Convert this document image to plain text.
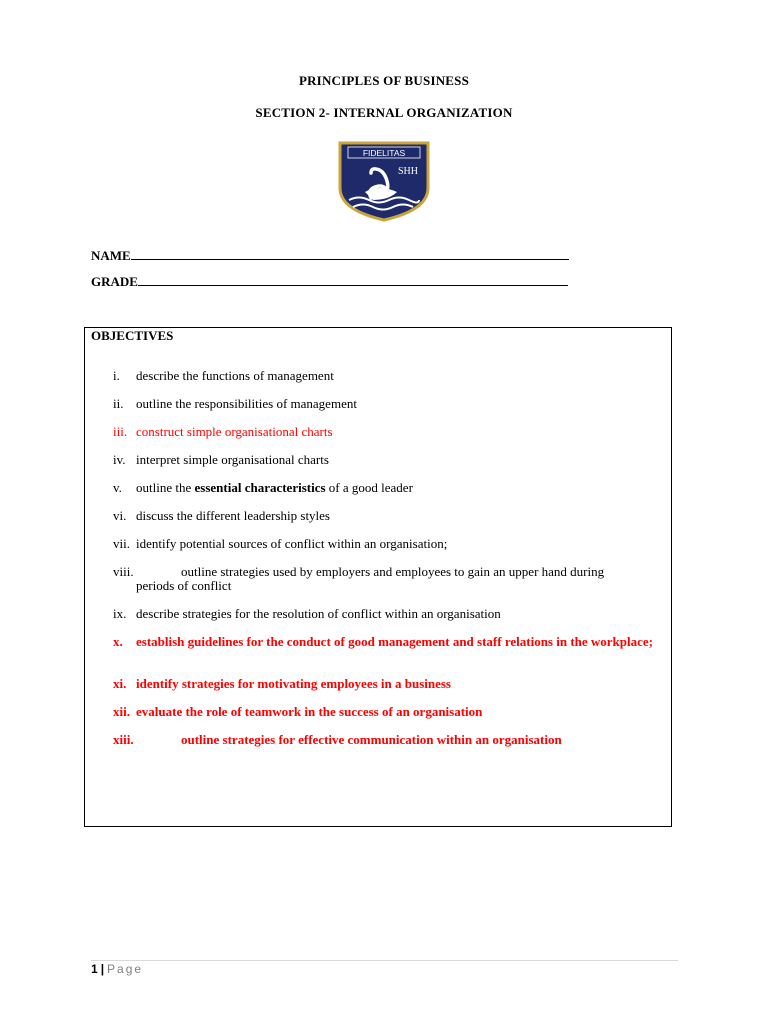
PRINCIPLES OF BUSINESS
SECTION 2- INTERNAL ORGANIZATION
FIDELITAS
SHH
NAME
GRADE
OBJECTIVES
i. describe the functions of management
ii. outline the responsibilities of management
iii. construct simple organisational charts
iv. interpret simple organisational charts
v. outline the essential characteristics of a good leader
vi. discuss the different leadership styles
vii. identify potential sources of conflict within an organisation;
viii.	outline strategies used by employers and employees to gain an upper hand during periods of conflict
ix. describe strategies for the resolution of conflict within an organisation
x. establish guidelines for the conduct of good management and staff relations in the workplace;
xi. identify strategies for motivating employees in a business
xii. evaluate the role of teamwork in the success of an organisation
xiii.	outline strategies for effective communication within an organisation
1 | Page
